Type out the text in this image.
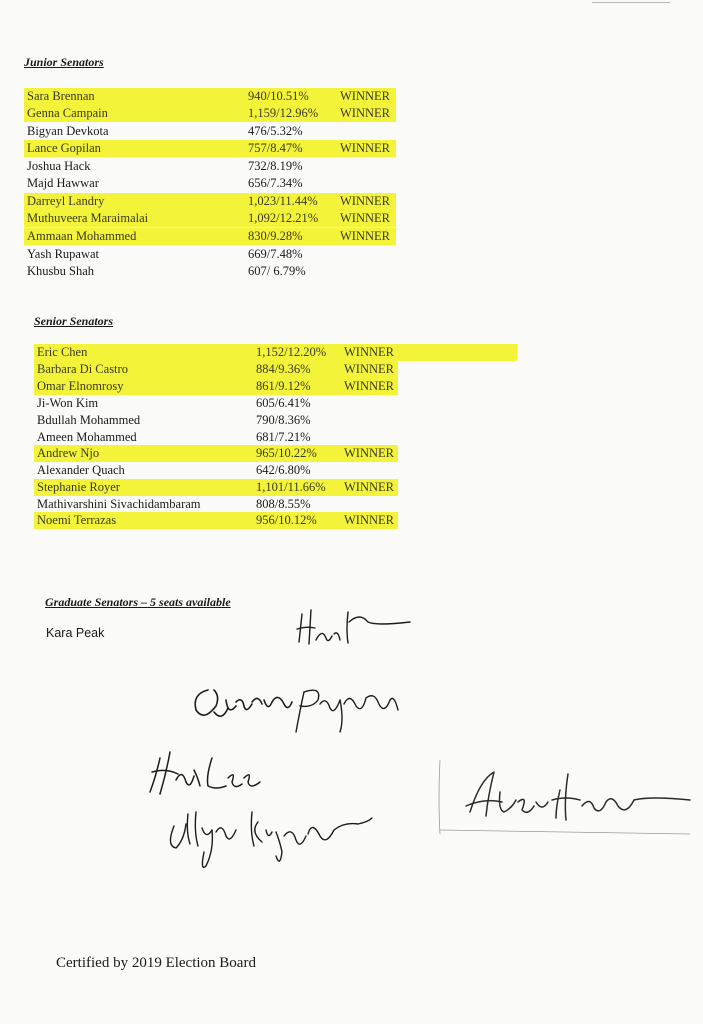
Junior Senators
Sara Brennan	940/10.51% WINNER
Genna Campain	1,159/12.96% WINNER
Bigyan Devkota	476/5.32%
Lance Gopilan	757/8.47%	WINNER
Joshua Hack	732/8.19%
Majd Hawwar	656/7.34%
Darreyl Landry	1,023/11.44% WINNER
Muthuveera Maraimalai	1,092/12.21% WINNER
Ammaan Mohammed	830/9.28%	WINNER
Yash Rupawat	669/7.48%
Khusbu Shah	607/ 6.79%
Senior Senators
Eric Chen	1,152/12.20% WINNER
Barbara Di Castro	884/9.36%	WINNER
Omar Elnomrosy	861/9.12%	WINNER
Ji-Won Kim	605/6.41%
Bdullah Mohammed	790/8.36%
Ameen Mohammed	681/7.21%
Andrew Njo	965/10.22% WINNER
Alexander Quach	642/6.80%
Stephanie Royer	1,101/11.66% WINNER
Mathivarshini Sivachidambaram	808/8.55%
Noemi Terrazas	956/10.12% WINNER
Graduate Senators – 5 seats available
Kara Peak
Certified by 2019 Election Board
